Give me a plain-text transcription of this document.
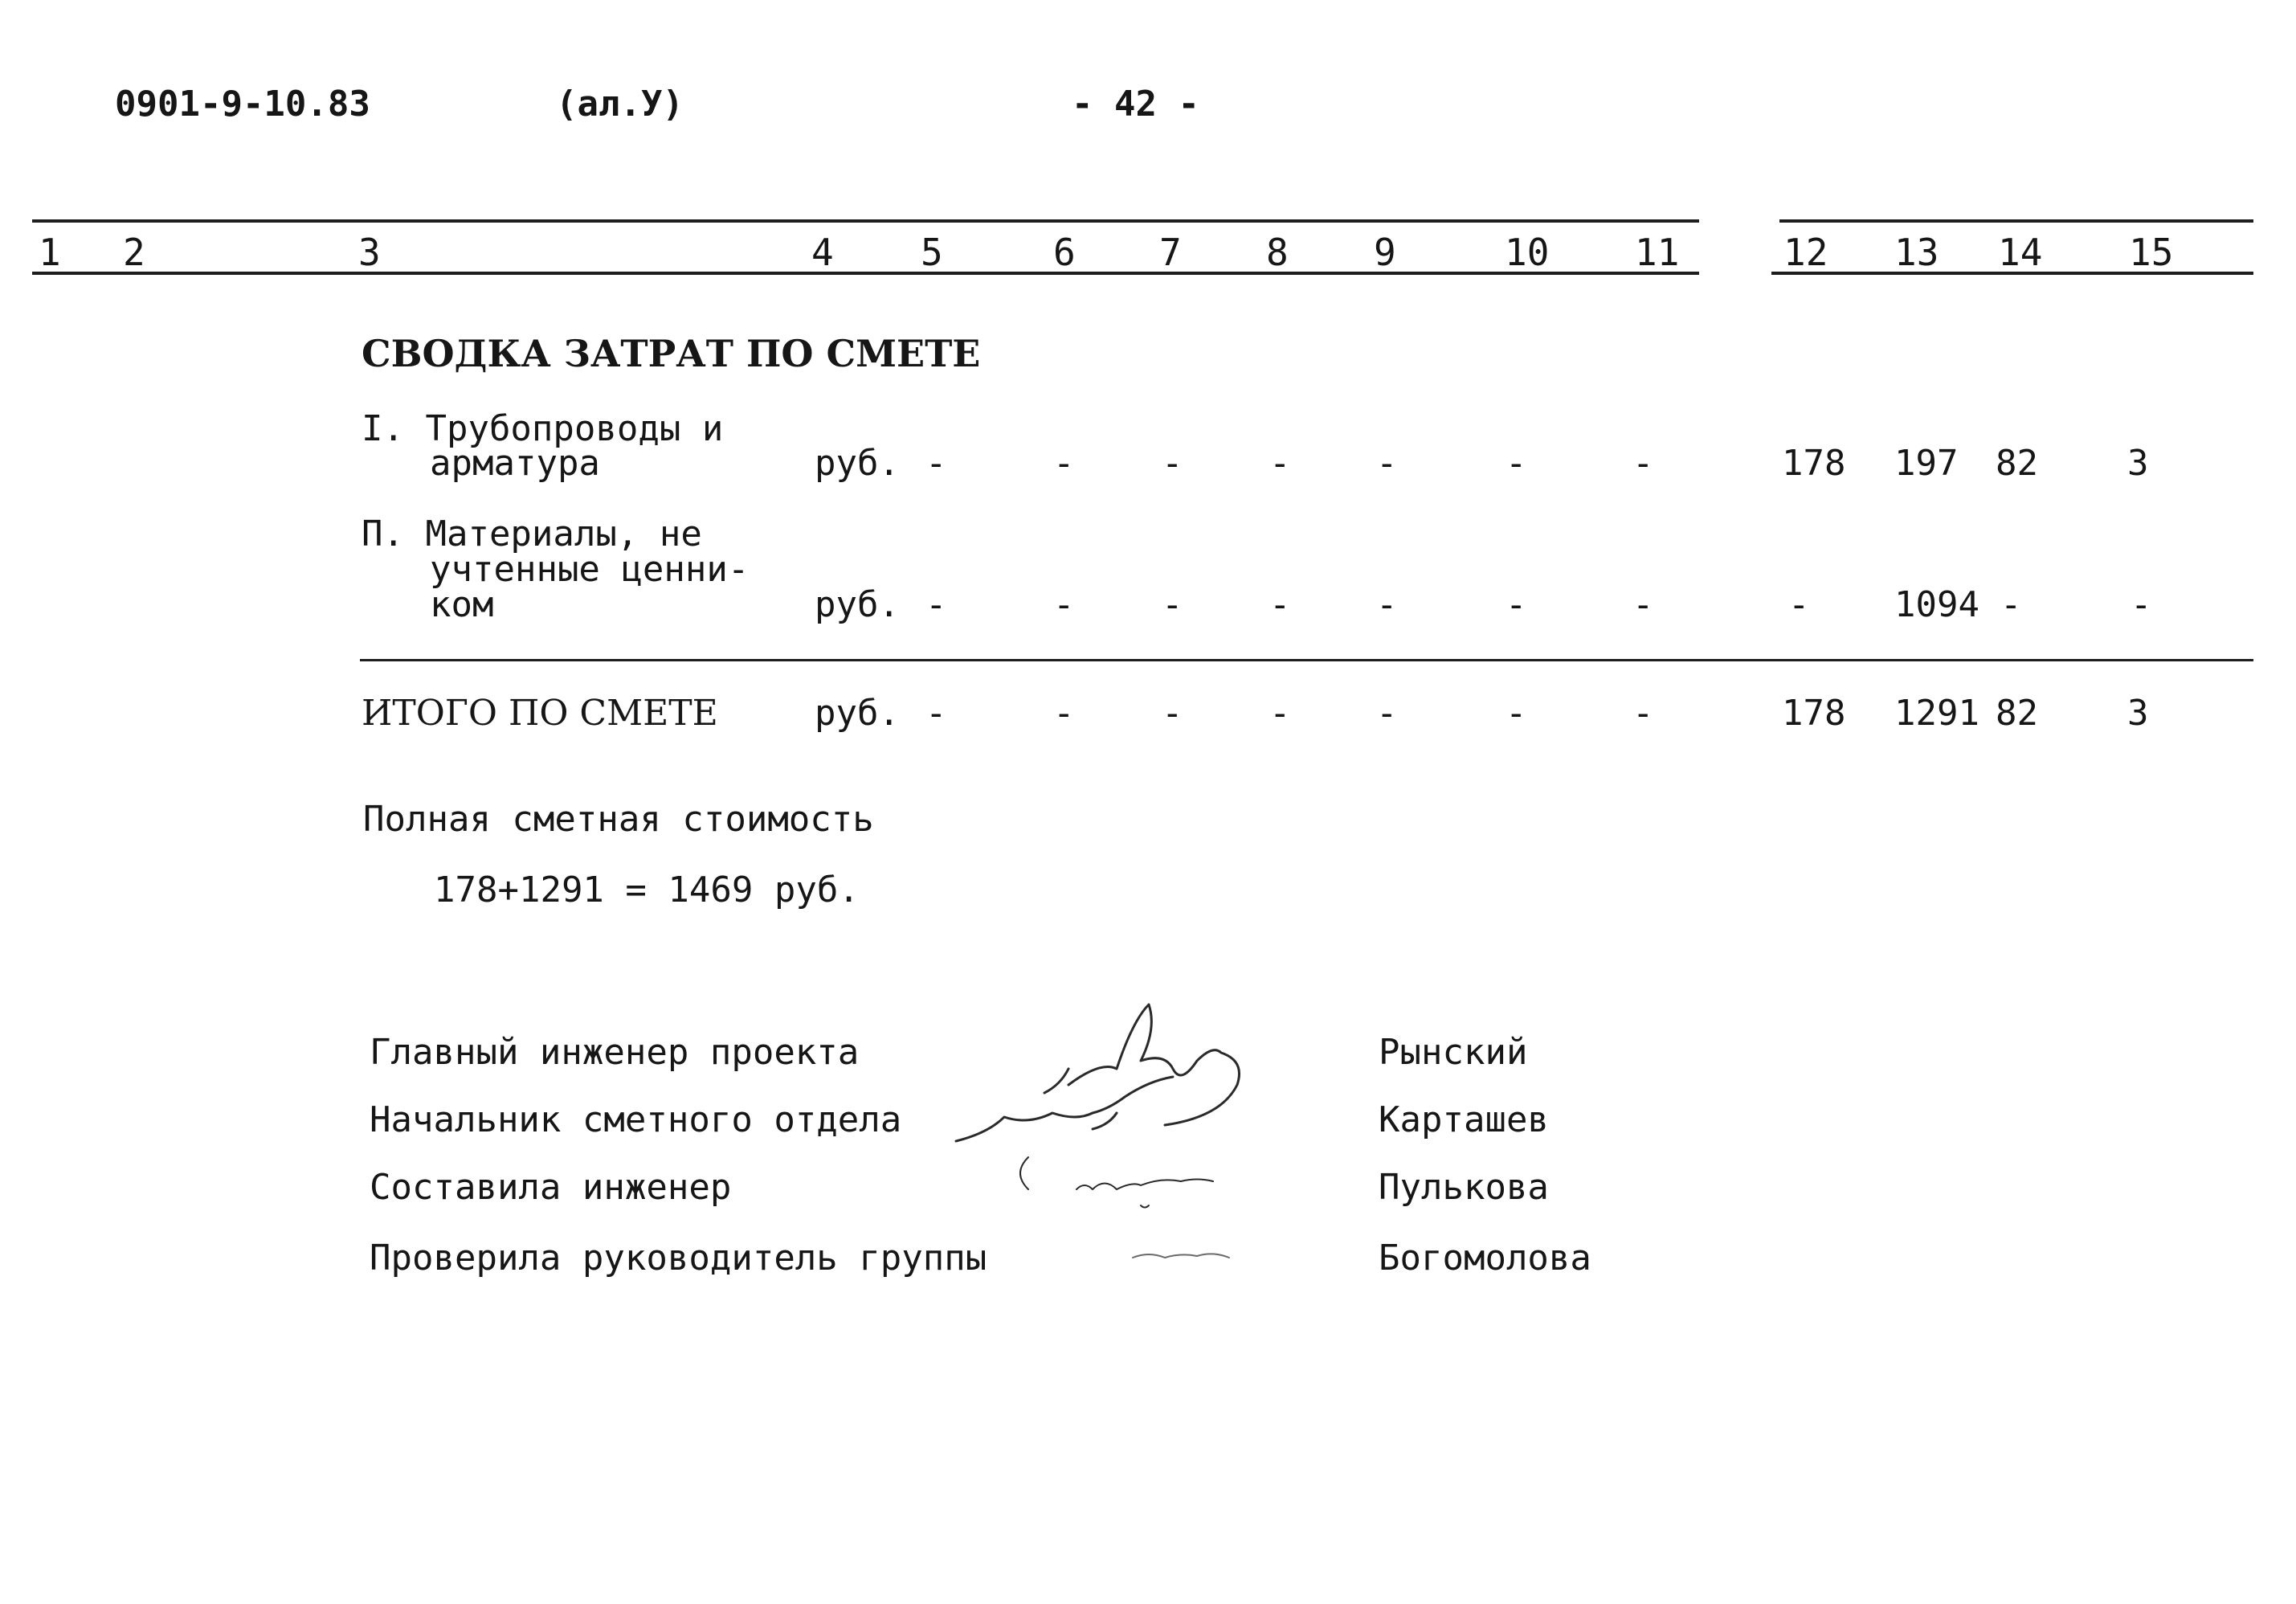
0901-9-10.83	(ал.У)	- 42 -
1 2	3	4 5	6 7 8 9	10 11	12 13 14 15
СВОДКА ЗАТРАТ ПО СМЕТЕ
I. Трубопроводы и
арматура	руб. -	- - - -	-	-	178 197 82	3
П. Материалы, не
учтенные ценни-
ком	руб. -	- - - -	-	-	- 1094 -	-
ИТОГО ПО СМЕТЕ	руб. -	- - - -	-	-	178 1291 82	3
Полная сметная стоимость
178+1291 = 1469 руб.
Главный инженер проекта
Начальник сметного отдела
Составила инженер
Проверила руководитель группы
Рынский
Карташев
Пулькова
Богомолова
